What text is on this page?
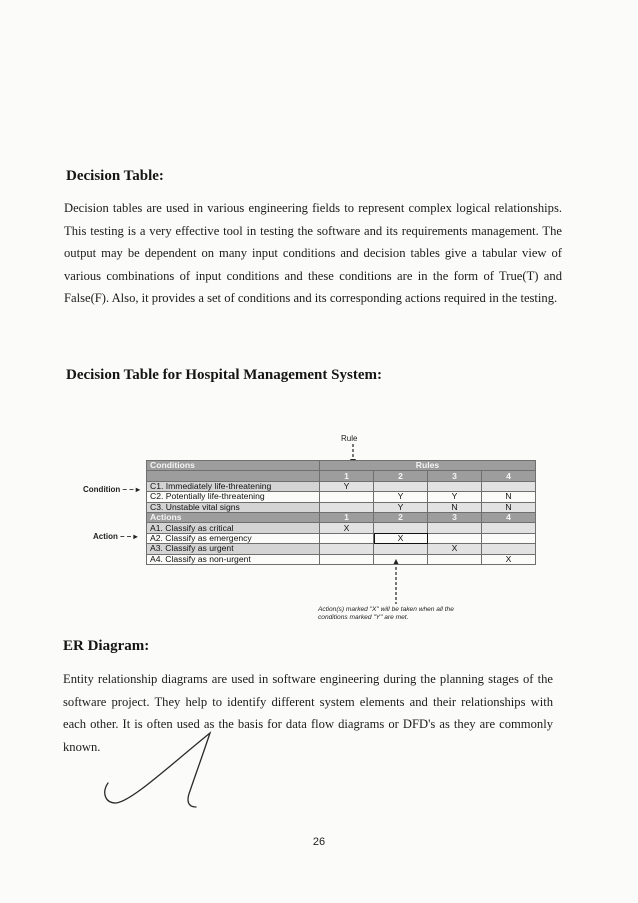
Decision Table:

Decision tables are used in various engineering fields to represent complex logical relationships. This testing is a very effective tool in testing the software and its requirements management. The output may be dependent on many input conditions and decision tables give a tabular view of various combinations of input conditions and these conditions are in the form of True(T) and False(F). Also, it provides a set of conditions and its corresponding actions required in the testing.

Decision Table for Hospital Management System:
Rule
Condition – – ▸
Action – – ▸
Conditions	Rules			
	1	2	3	4
C1. Immediately life-threatening	Y			
C2. Potentially life-threatening		Y	Y	N
C3. Unstable vital signs		Y	N	N
Actions	1	2	3	4
A1. Classify as critical	X			
A2. Classify as emergency		X		
A3. Classify as urgent			X	
A4. Classify as non-urgent				X
Action(s) marked "X" will be taken when all the conditions marked "Y" are met.
ER Diagram:

Entity relationship diagrams are used in software engineering during the planning stages of the software project. They help to identify different system elements and their relationships with each other. It is often used as the basis for data flow diagrams or DFD's as they are commonly known.

26
